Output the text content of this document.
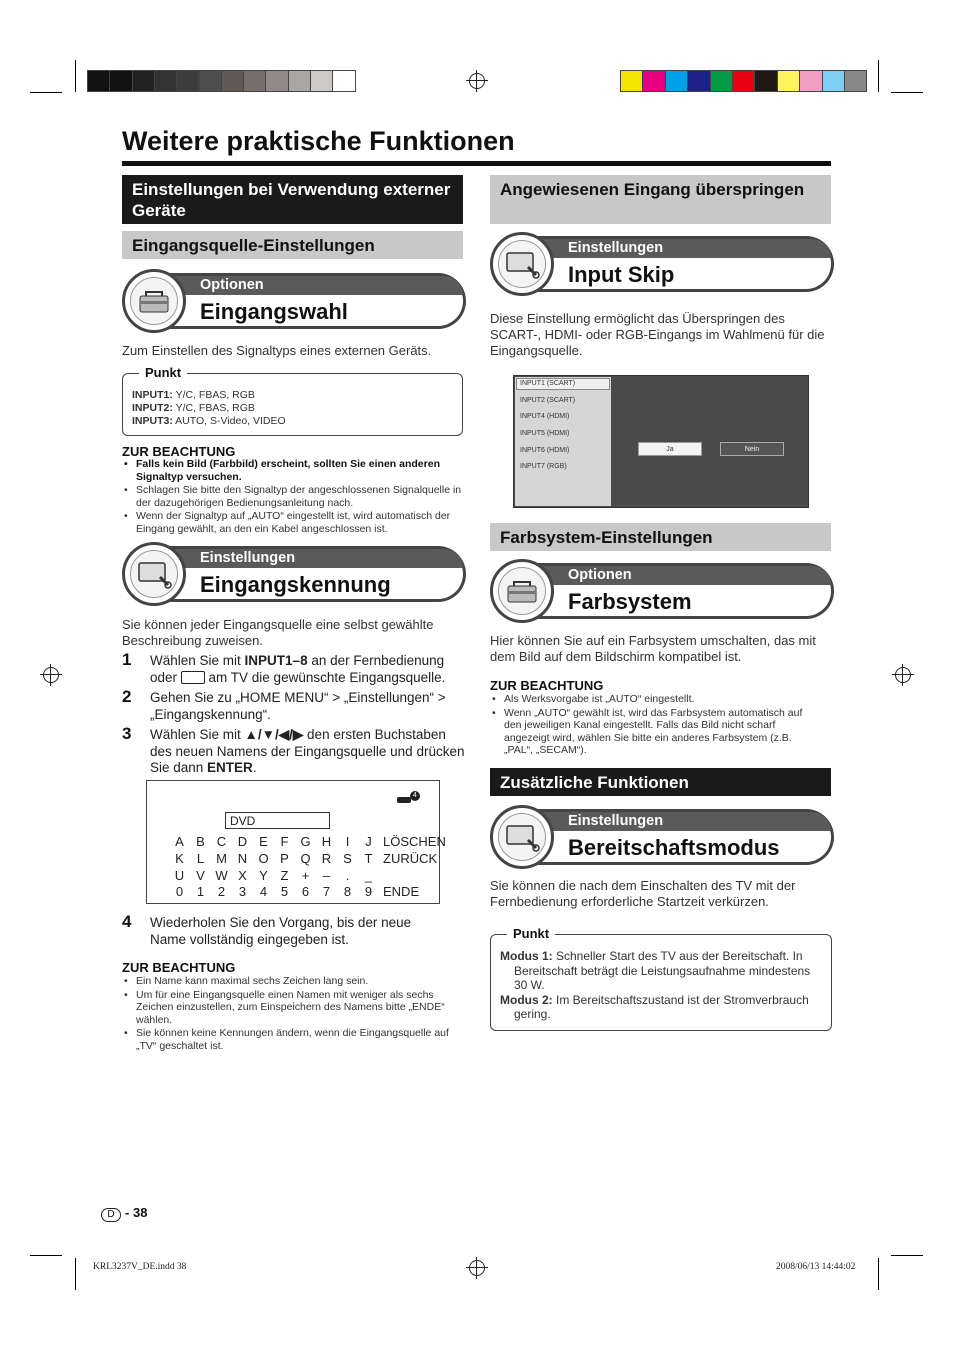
Weitere praktische Funktionen
Einstellungen bei Verwendung externer Geräte
Eingangsquelle-Einstellungen
Optionen
Eingangswahl
Zum Einstellen des Signaltyps eines externen Geräts.
Punkt
INPUT1: Y/C, FBAS, RGB
INPUT2: Y/C, FBAS, RGB
INPUT3: AUTO, S-Video, VIDEO
ZUR BEACHTUNG
• Falls kein Bild (Farbbild) erscheint, sollten Sie einen anderen Signaltyp versuchen.
• Schlagen Sie bitte den Signaltyp der angeschlossenen Signalquelle in der dazugehörigen Bedienungsanleitung nach.
• Wenn der Signaltyp auf „AUTO“ eingestellt ist, wird automatisch der Eingang gewählt, an den ein Kabel angeschlossen ist.
Einstellungen
Eingangskennung
Sie können jeder Eingangsquelle eine selbst gewählte Beschreibung zuweisen.
1 Wählen Sie mit INPUT1–8 an der Fernbedienung oder  am TV die gewünschte Eingangsquelle.
2 Gehen Sie zu „HOME MENU“ > „Einstellungen“ > „Eingangskennung“.
3 Wählen Sie mit ▲/▼/◀/▶ den ersten Buchstaben des neuen Namens der Eingangsquelle und drücken Sie dann ENTER.
DVD
4
A B C D E F G H I J LÖSCHEN
K L M N O P Q R S T ZURÜCK
U V W X Y Z + – . _
0 1 2 3 4 5 6 7 8 9 ENDE
4 Wiederholen Sie den Vorgang, bis der neue Name vollständig eingegeben ist.
ZUR BEACHTUNG
• Ein Name kann maximal sechs Zeichen lang sein.
• Um für eine Eingangsquelle einen Namen mit weniger als sechs Zeichen einzustellen, zum Einspeichern des Namens bitte „ENDE“ wählen.
• Sie können keine Kennungen ändern, wenn die Eingangsquelle auf „TV“ geschaltet ist.
Angewiesenen Eingang überspringen
Einstellungen
Input Skip
Diese Einstellung ermöglicht das Überspringen des SCART-, HDMI- oder RGB-Eingangs im Wahlmenü für die Eingangsquelle.
INPUT1 (SCART)
INPUT2 (SCART)
INPUT4 (HDMI)
INPUT5 (HDMI)
INPUT6 (HDMI)
INPUT7 (RGB)
Ja	Nein
Farbsystem-Einstellungen
Optionen
Farbsystem
Hier können Sie auf ein Farbsystem umschalten, das mit dem Bild auf dem Bildschirm kompatibel ist.
ZUR BEACHTUNG
• Als Werksvorgabe ist „AUTO“ eingestellt.
• Wenn „AUTO“ gewählt ist, wird das Farbsystem automatisch auf den jeweiligen Kanal eingestellt. Falls das Bild nicht scharf angezeigt wird, wählen Sie bitte ein anderes Farbsystem (z.B. „PAL“, „SECAM“).
Zusätzliche Funktionen
Einstellungen
Bereitschaftsmodus
Sie können die nach dem Einschalten des TV mit der Fernbedienung erforderliche Startzeit verkürzen.
Punkt
Modus 1: Schneller Start des TV aus der Bereitschaft. In Bereitschaft beträgt die Leistungsaufnahme mindestens 30 W.
Modus 2: Im Bereitschaftszustand ist der Stromverbrauch gering.
D - 38
KRL3237V_DE.indd 38	2008/06/13 14:44:02
